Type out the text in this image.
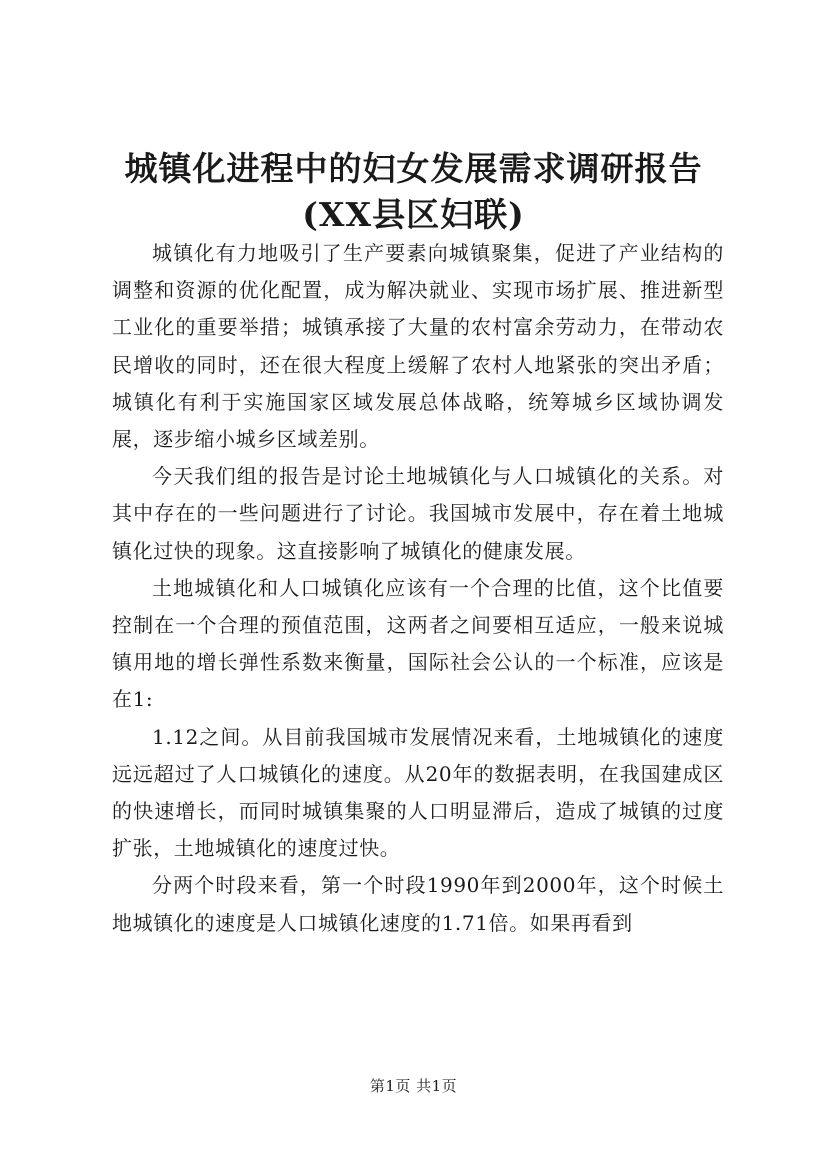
城镇化进程中的妇女发展需求调研报告(XX县区妇联)

城镇化有力地吸引了生产要素向城镇聚集，促进了产业结构的调整和资源的优化配置，成为解决就业、实现市场扩展、推进新型工业化的重要举措；城镇承接了大量的农村富余劳动力，在带动农民增收的同时，还在很大程度上缓解了农村人地紧张的突出矛盾；城镇化有利于实施国家区域发展总体战略，统筹城乡区域协调发展，逐步缩小城乡区域差别。

今天我们组的报告是讨论土地城镇化与人口城镇化的关系。对其中存在的一些问题进行了讨论。我国城市发展中，存在着土地城镇化过快的现象。这直接影响了城镇化的健康发展。

土地城镇化和人口城镇化应该有一个合理的比值，这个比值要控制在一个合理的预值范围，这两者之间要相互适应，一般来说城镇用地的增长弹性系数来衡量，国际社会公认的一个标准，应该是在1:

1.12之间。从目前我国城市发展情况来看，土地城镇化的速度远远超过了人口城镇化的速度。从20年的数据表明，在我国建成区的快速增长，而同时城镇集聚的人口明显滞后，造成了城镇的过度扩张，土地城镇化的速度过快。

分两个时段来看，第一个时段1990年到2000年，这个时候土地城镇化的速度是人口城镇化速度的1.71倍。如果再看到

第1页 共1页
